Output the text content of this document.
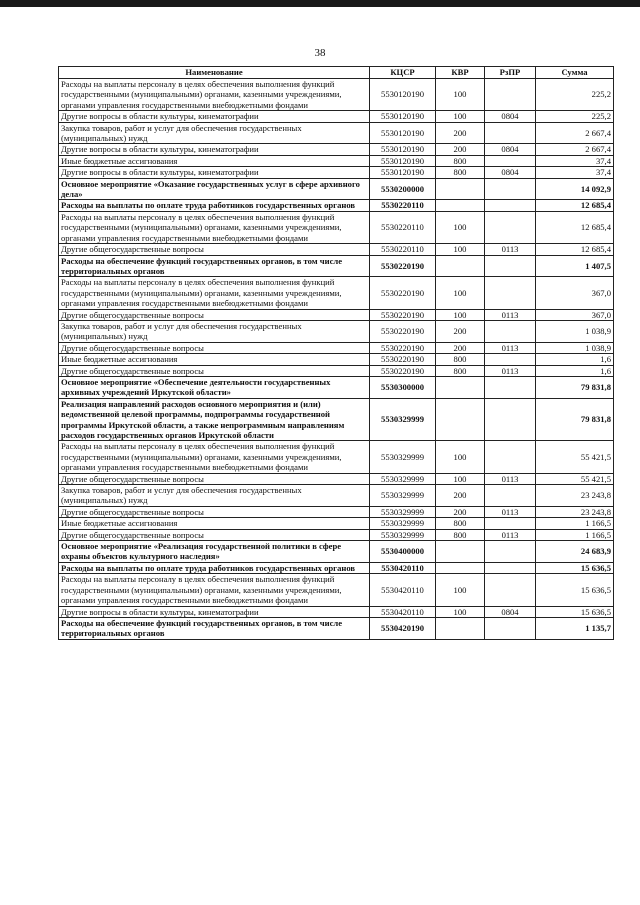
38
Наименование	КЦСР	КВР	РзПР	Сумма
Расходы на выплаты персоналу в целях обеспечения выполнения функций государственными (муниципальными) органами, казенными учреждениями, органами управления государственными внебюджетными фондами	5530120190	100		225,2
Другие вопросы в области культуры, кинематографии	5530120190	100	0804	225,2
Закупка товаров, работ и услуг для обеспечения государственных (муниципальных) нужд	5530120190	200		2 667,4
Другие вопросы в области культуры, кинематографии	5530120190	200	0804	2 667,4
Иные бюджетные ассигнования	5530120190	800		37,4
Другие вопросы в области культуры, кинематографии	5530120190	800	0804	37,4
Основное мероприятие «Оказание государственных услуг в сфере архивного дела»	5530200000			14 092,9
Расходы на выплаты по оплате труда работников государственных органов	5530220110			12 685,4
Расходы на выплаты персоналу в целях обеспечения выполнения функций государственными (муниципальными) органами, казенными учреждениями, органами управления государственными внебюджетными фондами	5530220110	100		12 685,4
Другие общегосударственные вопросы	5530220110	100	0113	12 685,4
Расходы на обеспечение функций государственных органов, в том числе территориальных органов	5530220190			1 407,5
Расходы на выплаты персоналу в целях обеспечения выполнения функций государственными (муниципальными) органами, казенными учреждениями, органами управления государственными внебюджетными фондами	5530220190	100		367,0
Другие общегосударственные вопросы	5530220190	100	0113	367,0
Закупка товаров, работ и услуг для обеспечения государственных (муниципальных) нужд	5530220190	200		1 038,9
Другие общегосударственные вопросы	5530220190	200	0113	1 038,9
Иные бюджетные ассигнования	5530220190	800		1,6
Другие общегосударственные вопросы	5530220190	800	0113	1,6
Основное мероприятие «Обеспечение деятельности государственных архивных учреждений Иркутской области»	5530300000			79 831,8
Реализация направлений расходов основного мероприятия и (или) ведомственной целевой программы, подпрограммы государственной программы Иркутской области, а также непрограммным направлениям расходов государственных органов Иркутской области	5530329999			79 831,8
Расходы на выплаты персоналу в целях обеспечения выполнения функций государственными (муниципальными) органами, казенными учреждениями, органами управления государственными внебюджетными фондами	5530329999	100		55 421,5
Другие общегосударственные вопросы	5530329999	100	0113	55 421,5
Закупка товаров, работ и услуг для обеспечения государственных (муниципальных) нужд	5530329999	200		23 243,8
Другие общегосударственные вопросы	5530329999	200	0113	23 243,8
Иные бюджетные ассигнования	5530329999	800		1 166,5
Другие общегосударственные вопросы	5530329999	800	0113	1 166,5
Основное мероприятие «Реализация государственной политики в сфере охраны объектов культурного наследия»	5530400000			24 683,9
Расходы на выплаты по оплате труда работников государственных органов	5530420110			15 636,5
Расходы на выплаты персоналу в целях обеспечения выполнения функций государственными (муниципальными) органами, казенными учреждениями, органами управления государственными внебюджетными фондами	5530420110	100		15 636,5
Другие вопросы в области культуры, кинематографии	5530420110	100	0804	15 636,5
Расходы на обеспечение функций государственных органов, в том числе территориальных органов	5530420190			1 135,7
